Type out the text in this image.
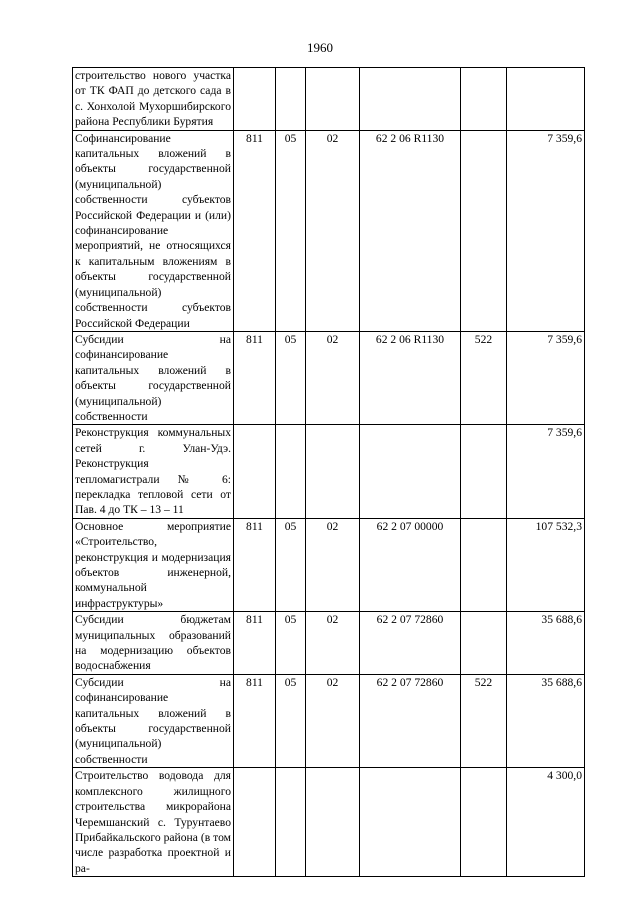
1960
строительство нового участка от ТК ФАП до детского сада в с. Хонхолой Мухоршибирского района Республики Бурятия						
Софинансирование капитальных вложений в объекты государственной (муниципальной) собственности субъектов Российской Федерации и (или) софинансирование мероприятий, не относящихся к капитальным вложениям в объекты государственной (муниципальной) собственности субъектов Российской Федерации	811	05	02	62 2 06 R1130		7 359,6
Субсидии на софинансирование капитальных вложений в объекты государственной (муниципальной) собственности	811	05	02	62 2 06 R1130	522	7 359,6
Реконструкция коммунальных сетей г. Улан-Удэ. Реконструкция тепломагистрали № 6: перекладка тепловой сети от Пав. 4 до ТК – 13 – 11						7 359,6
Основное мероприятие «Строительство, реконструкция и модернизация объектов инженерной, коммунальной инфраструктуры»	811	05	02	62 2 07 00000		107 532,3
Субсидии бюджетам муниципальных образований на модернизацию объектов водоснабжения	811	05	02	62 2 07 72860		35 688,6
Субсидии на софинансирование капитальных вложений в объекты государственной (муниципальной) собственности	811	05	02	62 2 07 72860	522	35 688,6
Строительство водовода для комплексного жилищного строительства микрорайона Черемшанский с. Турунтаево Прибайкальского района (в том числе разработка проектной и ра-						4 300,0
